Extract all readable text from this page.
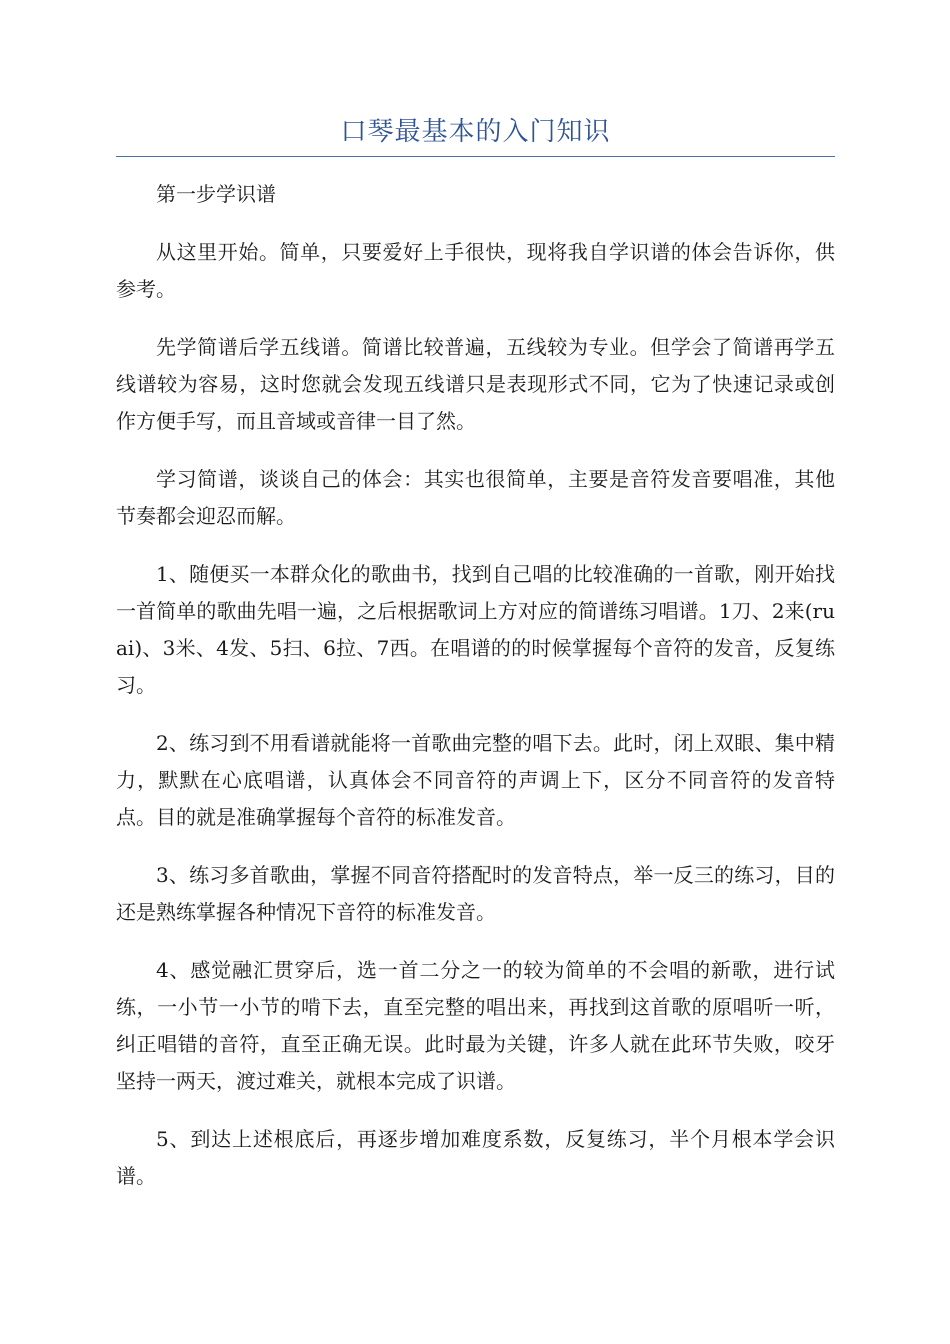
口琴最基本的入门知识

第一步学识谱

从这里开始。简单，只要爱好上手很快，现将我自学识谱的体会告诉你，供参考。

先学简谱后学五线谱。简谱比较普遍，五线较为专业。但学会了简谱再学五线谱较为容易，这时您就会发现五线谱只是表现形式不同，它为了快速记录或创作方便手写，而且音域或音律一目了然。

学习简谱，谈谈自己的体会：其实也很简单，主要是音符发音要唱准，其他节奏都会迎忍而解。

1、随便买一本群众化的歌曲书，找到自己唱的比较准确的一首歌，刚开始找一首简单的歌曲先唱一遍，之后根据歌词上方对应的简谱练习唱谱。1刀、2来(ruai)、3米、4发、5扫、6拉、7西。在唱谱的的时候掌握每个音符的发音，反复练习。

2、练习到不用看谱就能将一首歌曲完整的唱下去。此时，闭上双眼、集中精力，默默在心底唱谱，认真体会不同音符的声调上下，区分不同音符的发音特点。目的就是准确掌握每个音符的标准发音。

3、练习多首歌曲，掌握不同音符搭配时的发音特点，举一反三的练习，目的还是熟练掌握各种情况下音符的标准发音。

4、感觉融汇贯穿后，选一首二分之一的较为简单的不会唱的新歌，进行试练，一小节一小节的啃下去，直至完整的唱出来，再找到这首歌的原唱听一听，纠正唱错的音符，直至正确无误。此时最为关键，许多人就在此环节失败，咬牙坚持一两天，渡过难关，就根本完成了识谱。

5、到达上述根底后，再逐步增加难度系数，反复练习，半个月根本学会识谱。
